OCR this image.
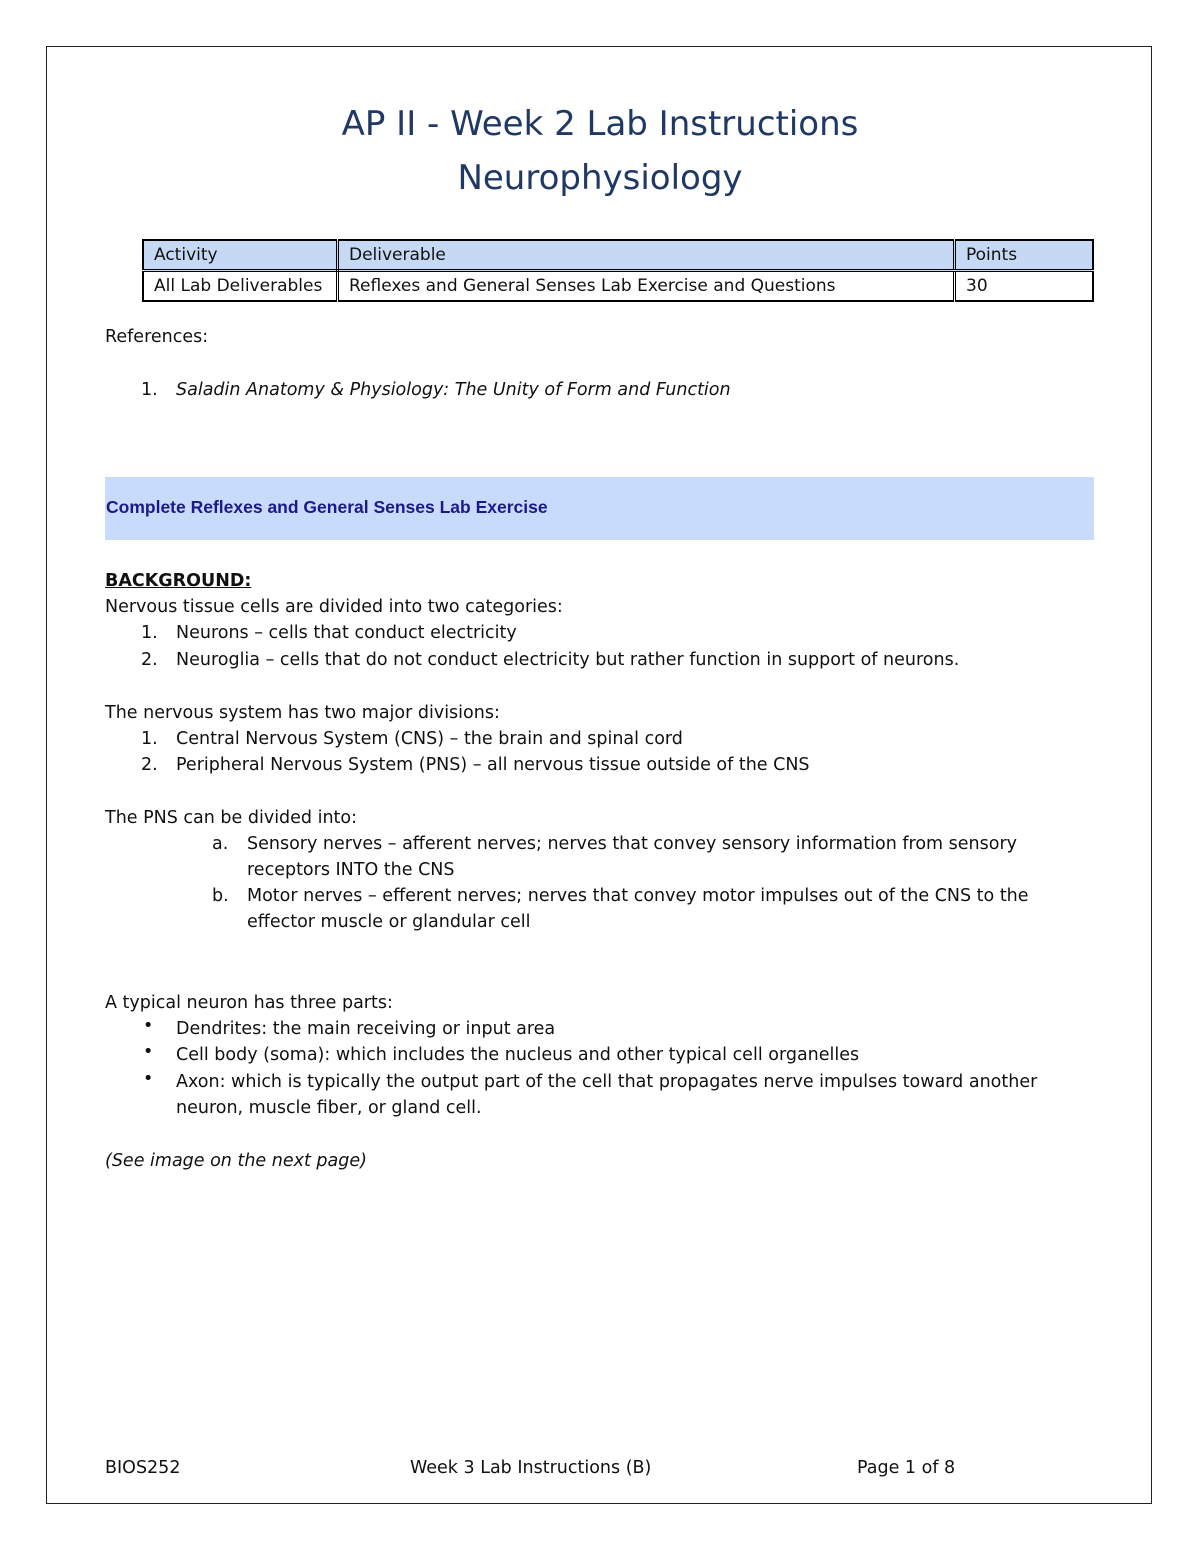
AP II - Week 2 Lab Instructions
Neurophysiology
Activity	Deliverable	Points
All Lab Deliverables	Reflexes and General Senses Lab Exercise and Questions	30
References:
1. Saladin Anatomy & Physiology: The Unity of Form and Function
Complete Reflexes and General Senses Lab Exercise
BACKGROUND:
Nervous tissue cells are divided into two categories:
1. Neurons – cells that conduct electricity
2. Neuroglia – cells that do not conduct electricity but rather function in support of neurons.
The nervous system has two major divisions:
1. Central Nervous System (CNS) – the brain and spinal cord
2. Peripheral Nervous System (PNS) – all nervous tissue outside of the CNS
The PNS can be divided into:
a. Sensory nerves – afferent nerves; nerves that convey sensory information from sensory
receptors INTO the CNS
b. Motor nerves – efferent nerves; nerves that convey motor impulses out of the CNS to the
effector muscle or glandular cell
A typical neuron has three parts:
• Dendrites: the main receiving or input area
• Cell body (soma): which includes the nucleus and other typical cell organelles
• Axon: which is typically the output part of the cell that propagates nerve impulses toward another
neuron, muscle fiber, or gland cell.
(See image on the next page)
BIOS252	Week 3 Lab Instructions (B)	Page 1 of 8
